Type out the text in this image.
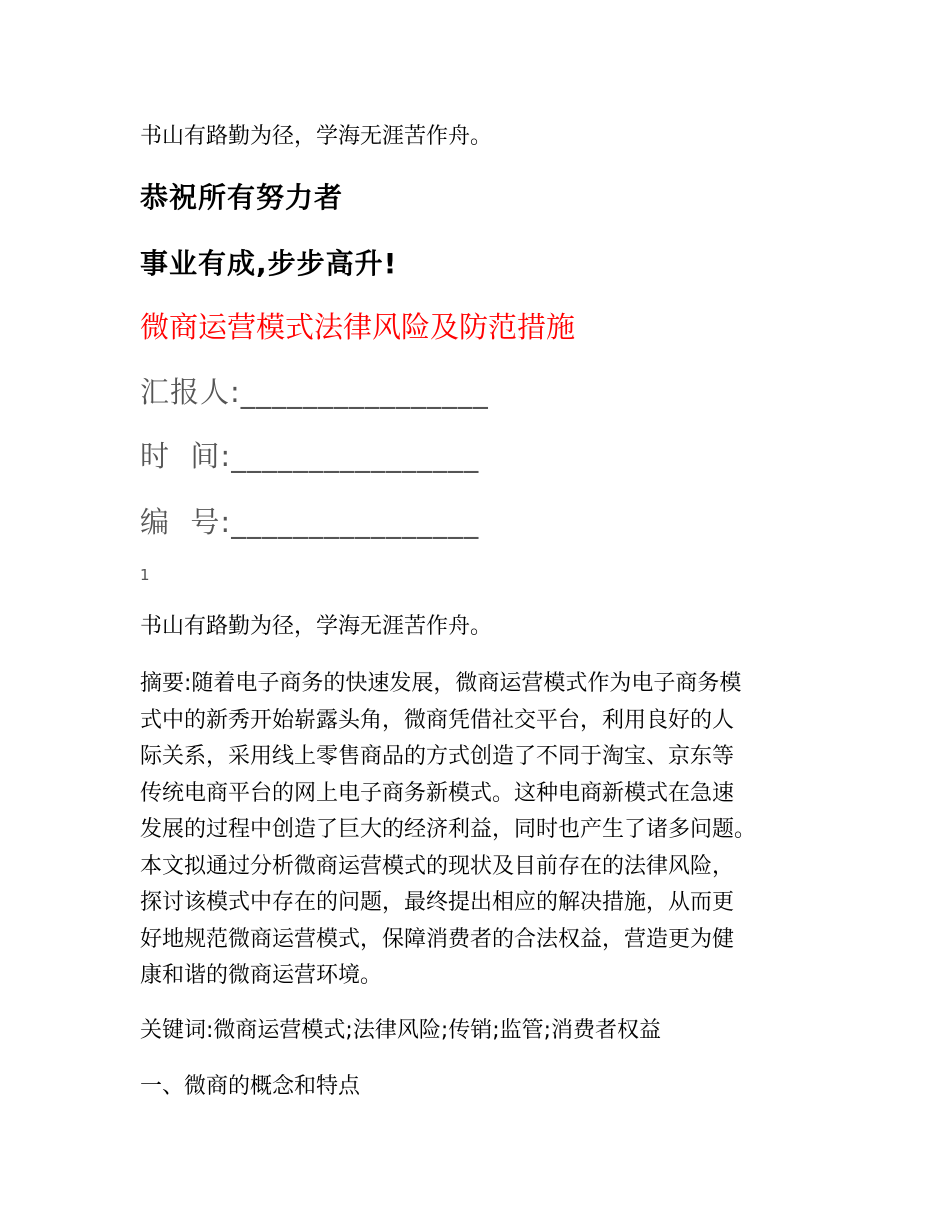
书山有路勤为径，学海无涯苦作舟。
恭祝所有努力者
事业有成,步步高升!
微商运营模式法律风险及防范措施
汇报人:________________
时  间:________________
编  号:________________
1
书山有路勤为径，学海无涯苦作舟。
摘要:随着电子商务的快速发展，微商运营模式作为电子商务模
式中的新秀开始崭露头角，微商凭借社交平台，利用良好的人
际关系，采用线上零售商品的方式创造了不同于淘宝、京东等
传统电商平台的网上电子商务新模式。这种电商新模式在急速
发展的过程中创造了巨大的经济利益，同时也产生了诸多问题。
本文拟通过分析微商运营模式的现状及目前存在的法律风险，
探讨该模式中存在的问题，最终提出相应的解决措施，从而更
好地规范微商运营模式，保障消费者的合法权益，营造更为健
康和谐的微商运营环境。
关键词:微商运营模式;法律风险;传销;监管;消费者权益
一、微商的概念和特点
